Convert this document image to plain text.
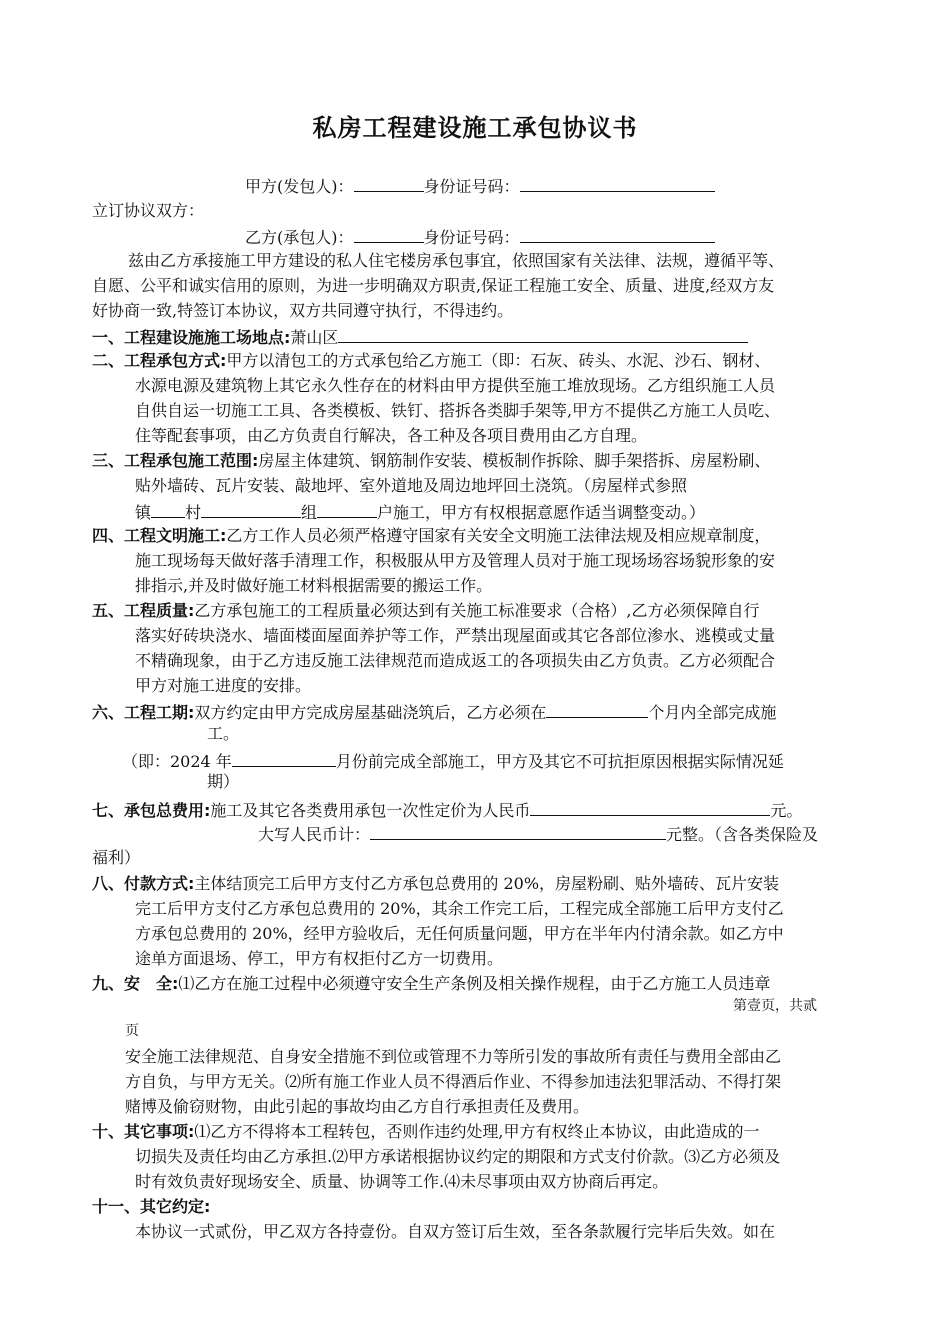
私房工程建设施工承包协议书
甲方(发包人)：	身份证号码：
立订协议双方：
乙方(承包人)：	身份证号码：
兹由乙方承接施工甲方建设的私人住宅楼房承包事宜，依照国家有关法律、法规，遵循平等、
自愿、公平和诚实信用的原则，为进一步明确双方职责,保证工程施工安全、质量、进度,经双方友
好协商一致,特签订本协议，双方共同遵守执行，不得违约。
一、工程建设施施工场地点:萧山区
二、工程承包方式:甲方以清包工的方式承包给乙方施工（即：石灰、砖头、水泥、沙石、钢材、
水源电源及建筑物上其它永久性存在的材料由甲方提供至施工堆放现场。乙方组织施工人员
自供自运一切施工工具、各类模板、铁钉、搭拆各类脚手架等,甲方不提供乙方施工人员吃、
住等配套事项，由乙方负责自行解决，各工种及各项目费用由乙方自理。
三、工程承包施工范围:房屋主体建筑、钢筋制作安装、模板制作拆除、脚手架搭拆、房屋粉刷、
贴外墙砖、瓦片安装、敲地坪、室外道地及周边地坪回土浇筑。（房屋样式参照
镇 村	组	户施工，甲方有权根据意愿作适当调整变动。）
四、工程文明施工:乙方工作人员必须严格遵守国家有关安全文明施工法律法规及相应规章制度，
施工现场每天做好落手清理工作，积极服从甲方及管理人员对于施工现场场容场貌形象的安
排指示,并及时做好施工材料根据需要的搬运工作。
五、工程质量:乙方承包施工的工程质量必须达到有关施工标准要求（合格）,乙方必须保障自行
落实好砖块浇水、墙面楼面屋面养护等工作，严禁出现屋面或其它各部位渗水、逃模或丈量
不精确现象，由于乙方违反施工法律规范而造成返工的各项损失由乙方负责。乙方必须配合
甲方对施工进度的安排。
六、工程工期:双方约定由甲方完成房屋基础浇筑后，乙方必须在	个月内全部完成施
工。
（即：2024 年	月份前完成全部施工，甲方及其它不可抗拒原因根据实际情况延
期）
七、承包总费用:施工及其它各类费用承包一次性定价为人民币	元。
大写人民币计：	元整。（含各类保险及
福利）
八、付款方式:主体结顶完工后甲方支付乙方承包总费用的 20%，房屋粉刷、贴外墙砖、瓦片安装
完工后甲方支付乙方承包总费用的 20%，其余工作完工后，工程完成全部施工后甲方支付乙
方承包总费用的 20%，经甲方验收后，无任何质量问题，甲方在半年内付清余款。如乙方中
途单方面退场、停工，甲方有权拒付乙方一切费用。
九、安　全:⑴乙方在施工过程中必须遵守安全生产条例及相关操作规程，由于乙方施工人员违章
第壹页，共贰
页
安全施工法律规范、自身安全措施不到位或管理不力等所引发的事故所有责任与费用全部由乙
方自负，与甲方无关。⑵所有施工作业人员不得酒后作业、不得参加违法犯罪活动、不得打架
赌博及偷窃财物，由此引起的事故均由乙方自行承担责任及费用。
十、其它事项:⑴乙方不得将本工程转包，否则作违约处理,甲方有权终止本协议，由此造成的一
切损失及责任均由乙方承担.⑵甲方承诺根据协议约定的期限和方式支付价款。⑶乙方必须及
时有效负责好现场安全、质量、协调等工作.⑷未尽事项由双方协商后再定。
十一、其它约定:
本协议一式贰份，甲乙双方各持壹份。自双方签订后生效，至各条款履行完毕后失效。如在
